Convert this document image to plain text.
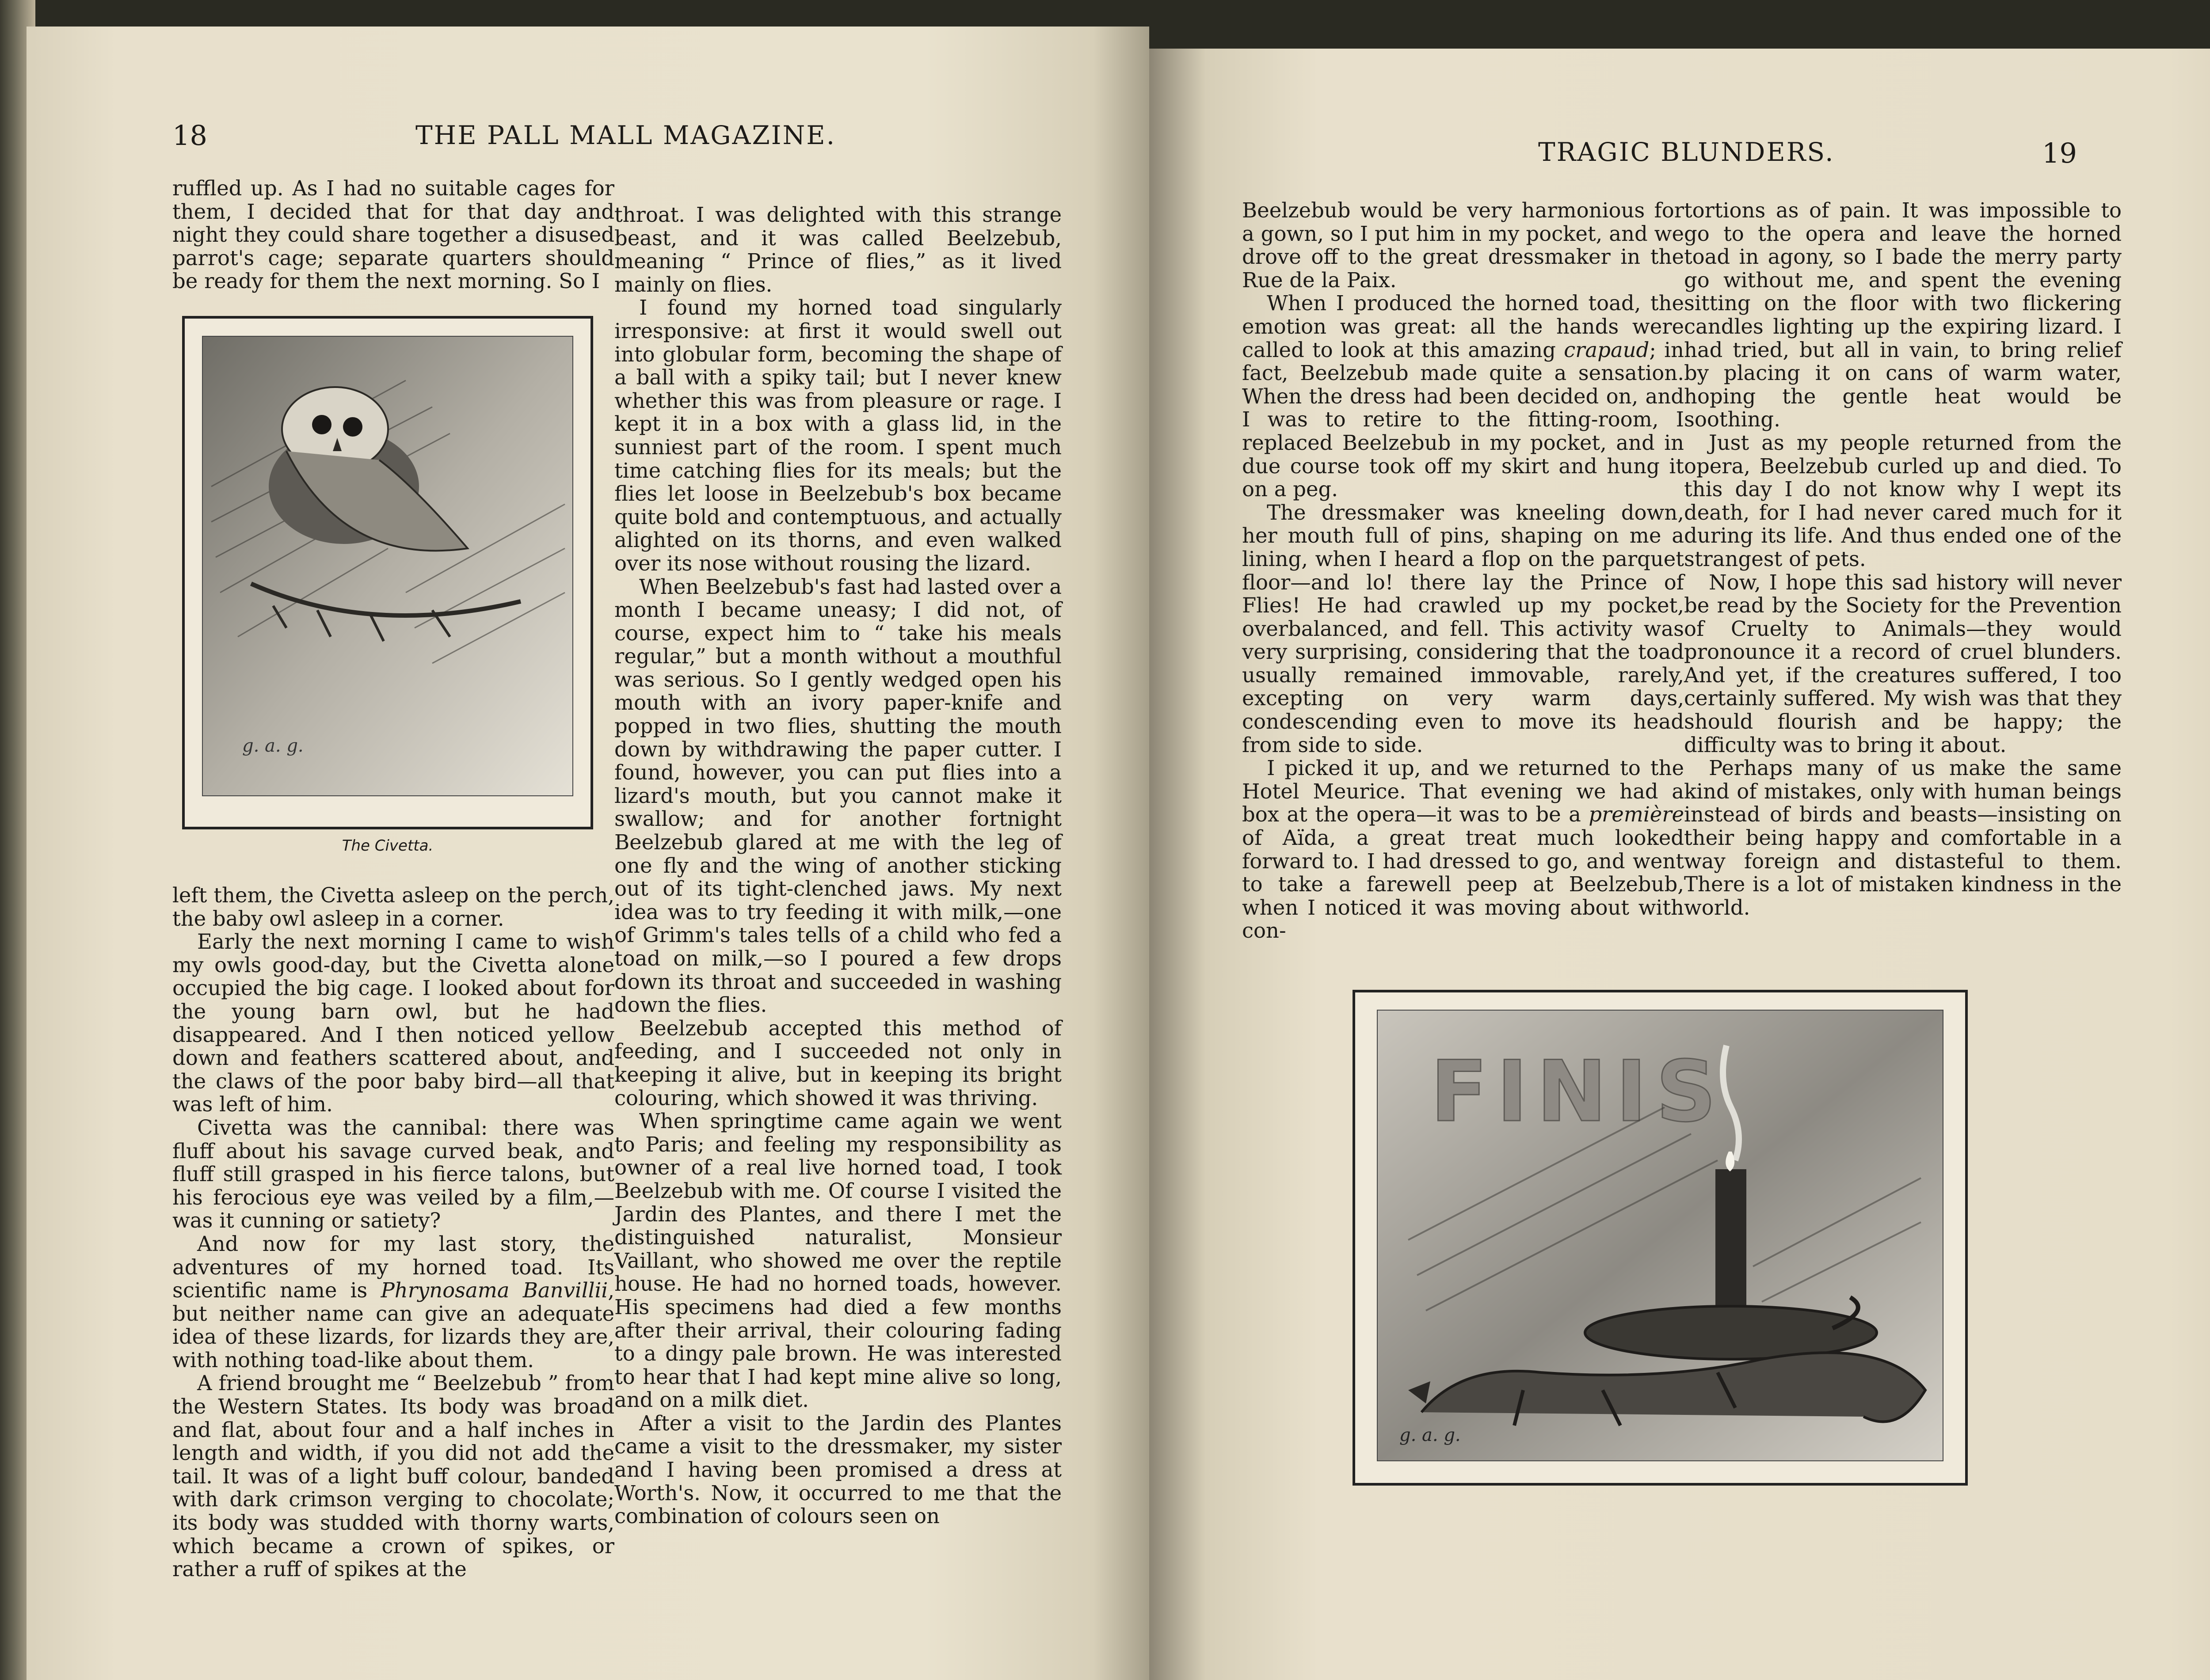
18	THE PALL MALL MAGAZINE.

ruffled up. As I had no suitable cages for them, I decided that for that day and night they could share together a disused parrot's cage; separate quarters should be ready for them the next morning. So I

g. a. g.
The Civetta.

left them, the Civetta asleep on the perch, the baby owl asleep in a corner.

Early the next morning I came to wish my owls good-day, but the Civetta alone occupied the big cage. I looked about for the young barn owl, but he had disappeared. And I then noticed yellow down and feathers scattered about, and the claws of the poor baby bird—all that was left of him.

Civetta was the cannibal: there was fluff about his savage curved beak, and fluff still grasped in his fierce talons, but his ferocious eye was veiled by a film,—was it cunning or satiety?

And now for my last story, the adventures of my horned toad. Its scientific name is Phrynosama Banvillii, but neither name can give an adequate idea of these lizards, for lizards they are, with nothing toad-like about them.

A friend brought me “ Beelzebub ” from the Western States. Its body was broad and flat, about four and a half inches in length and width, if you did not add the tail. It was of a light buff colour, banded with dark crimson verging to chocolate; its body was studded with thorny warts, which became a crown of spikes, or rather a ruff of spikes at the

throat. I was delighted with this strange beast, and it was called Beelzebub, meaning “ Prince of flies,” as it lived mainly on flies.

I found my horned toad singularly irresponsive: at first it would swell out into globular form, becoming the shape of a ball with a spiky tail; but I never knew whether this was from pleasure or rage. I kept it in a box with a glass lid, in the sunniest part of the room. I spent much time catching flies for its meals; but the flies let loose in Beelzebub's box became quite bold and contemptuous, and actually alighted on its thorns, and even walked over its nose without rousing the lizard.

When Beelzebub's fast had lasted over a month I became uneasy; I did not, of course, expect him to “ take his meals regular,” but a month without a mouthful was serious. So I gently wedged open his mouth with an ivory paper-knife and popped in two flies, shutting the mouth down by withdrawing the paper cutter. I found, however, you can put flies into a lizard's mouth, but you cannot make it swallow; and for another fortnight Beelzebub glared at me with the leg of one fly and the wing of another sticking out of its tight-clenched jaws. My next idea was to try feeding it with milk,—one of Grimm's tales tells of a child who fed a toad on milk,—so I poured a few drops down its throat and succeeded in washing down the flies.

Beelzebub accepted this method of feeding, and I succeeded not only in keeping it alive, but in keeping its bright colouring, which showed it was thriving.

When springtime came again we went to Paris; and feeling my responsibility as owner of a real live horned toad, I took Beelzebub with me. Of course I visited the Jardin des Plantes, and there I met the distinguished naturalist, Monsieur Vaillant, who showed me over the reptile house. He had no horned toads, however. His specimens had died a few months after their arrival, their colouring fading to a dingy pale brown. He was interested to hear that I had kept mine alive so long, and on a milk diet.

After a visit to the Jardin des Plantes came a visit to the dressmaker, my sister and I having been promised a dress at Worth's. Now, it occurred to me that the combination of colours seen on

TRAGIC BLUNDERS.	19

Beelzebub would be very harmonious for a gown, so I put him in my pocket, and we drove off to the great dressmaker in the Rue de la Paix.

When I produced the horned toad, the emotion was great: all the hands were called to look at this amazing crapaud; in fact, Beelzebub made quite a sensation. When the dress had been decided on, and I was to retire to the fitting-room, I replaced Beelzebub in my pocket, and in due course took off my skirt and hung it on a peg.

The dressmaker was kneeling down, her mouth full of pins, shaping on me a lining, when I heard a flop on the parquet floor—and lo! there lay the Prince of Flies! He had crawled up my pocket, overbalanced, and fell. This activity was very surprising, considering that the toad usually remained immovable, rarely, excepting on very warm days, condescending even to move its head from side to side.

I picked it up, and we returned to the Hotel Meurice. That evening we had a box at the opera—it was to be a première of Aïda, a great treat much looked forward to. I had dressed to go, and went to take a farewell peep at Beelzebub, when I noticed it was moving about with con-

tortions as of pain. It was impossible to go to the opera and leave the horned toad in agony, so I bade the merry party go without me, and spent the evening sitting on the floor with two flickering candles lighting up the expiring lizard. I had tried, but all in vain, to bring relief by placing it on cans of warm water, hoping the gentle heat would be soothing.

Just as my people returned from the opera, Beelzebub curled up and died. To this day I do not know why I wept its death, for I had never cared much for it during its life. And thus ended one of the strangest of pets.

Now, I hope this sad history will never be read by the Society for the Prevention of Cruelty to Animals—they would pronounce it a record of cruel blunders. And yet, if the creatures suffered, I too certainly suffered. My wish was that they should flourish and be happy; the difficulty was to bring it about.

Perhaps many of us make the same kind of mistakes, only with human beings instead of birds and beasts—insisting on their being happy and comfortable in a way foreign and distasteful to them. There is a lot of mistaken kindness in the world.

FINIS
g. a. g.
